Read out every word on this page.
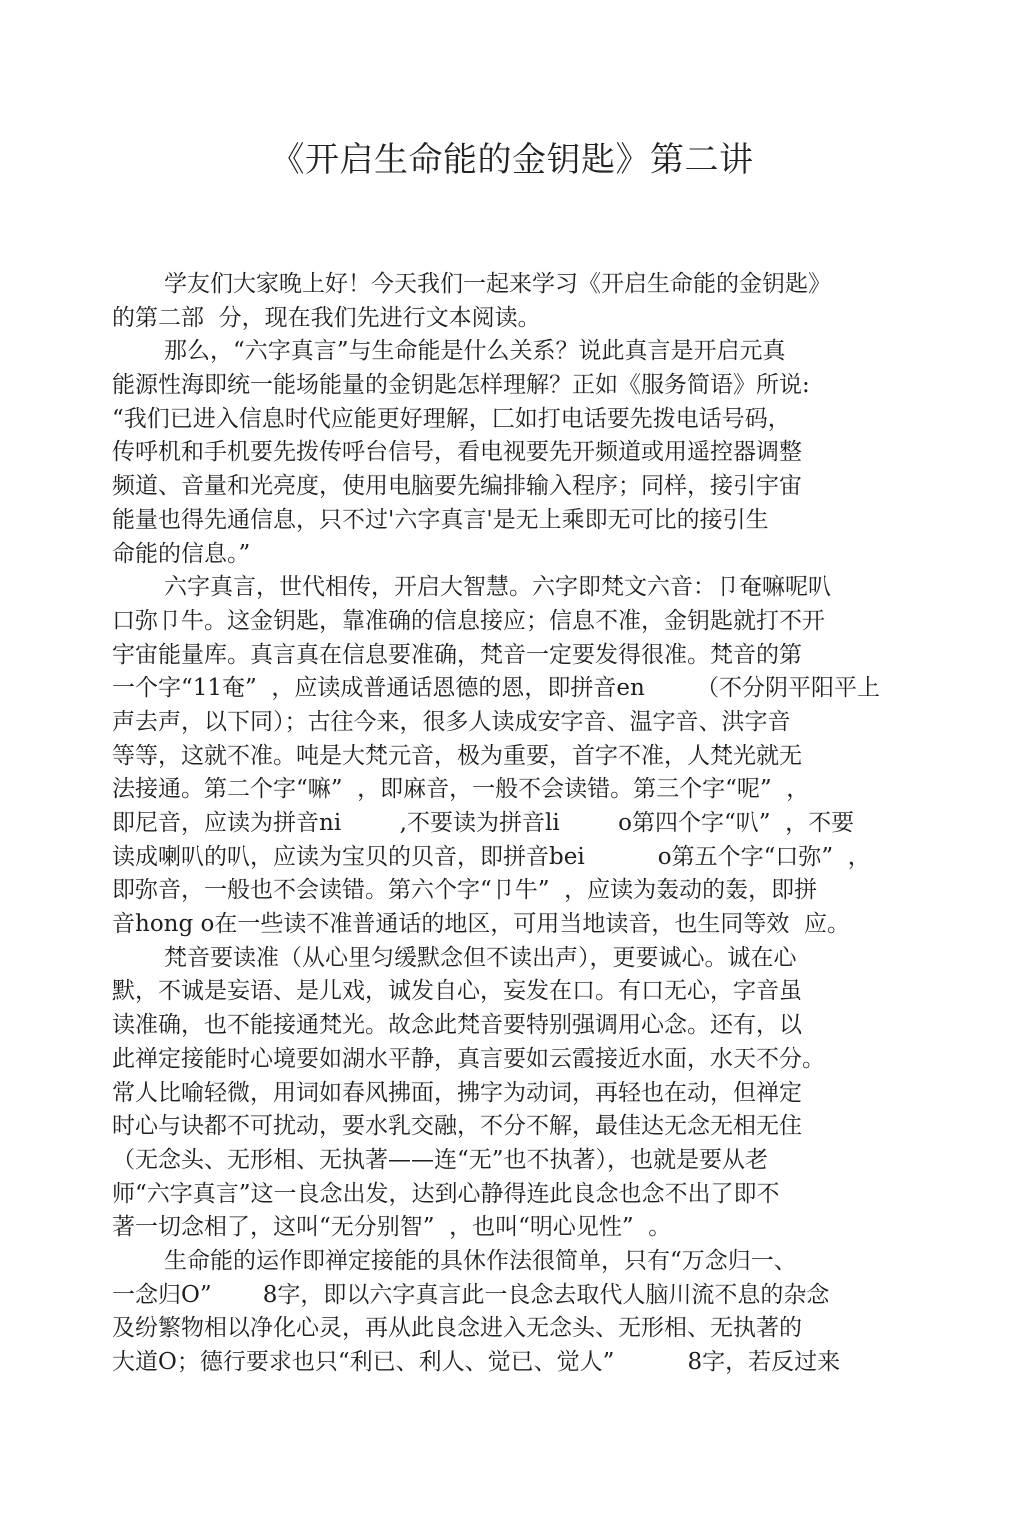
《开启生命能的金钥匙》第二讲
学友们大家晚上好！今天我们一起来学习《开启生命能的金钥匙》
的第二部  分，现在我们先进行文本阅读。
那么，“六字真言”与生命能是什么关系？说此真言是开启元真
能源性海即统一能场能量的金钥匙怎样理解？正如《服务简语》所说:
“我们已进入信息时代应能更好理解，匚如打电话要先拨电话号码，
传呼机和手机要先拨传呼台信号，看电视要先开频道或用遥控器调整
频道、音量和光亮度，使用电脑要先编排输入程序；同样，接引宇宙
能量也得先通信息，只不过'六字真言'是无上乘即无可比的接引生
命能的信息。”
六字真言，世代相传，开启大智慧。六字即梵文六音：卩奄嘛呢叭
口弥卩牛。这金钥匙，靠准确的信息接应；信息不准，金钥匙就打不开
宇宙能量库。真言真在信息要准确，梵音一定要发得很准。梵音的第
一个字“11奄”  ，应读成普通话恩德的恩，即拼音en       （不分阴平阳平上
声去声，以下同）；古往今来，很多人读成安字音、温字音、洪字音
等等，这就不准。吨是大梵元音，极为重要，首字不准，人梵光就无
法接通。第二个字“嘛”  ，即麻音，一般不会读错。第三个字“呢”  ，
即尼音，应读为拼音ni        ,不要读为拼音li        o第四个字“叭”  ，不要
读成喇叭的叭，应读为宝贝的贝音，即拼音bei          o第五个字“口弥”  ，
即弥音，一般也不会读错。第六个字“卩牛”  ，应读为轰动的轰，即拼
音hong o在一些读不准普通话的地区，可用当地读音，也生同等效  应。
梵音要读准（从心里匀缓默念但不读出声），更要诚心。诚在心
默，不诚是妄语、是儿戏，诚发自心，妄发在口。有口无心，字音虽
读准确，也不能接通梵光。故念此梵音要特别强调用心念。还有，以
此禅定接能时心境要如湖水平静，真言要如云霞接近水面，水天不分。
常人比喻轻微，用词如春风拂面，拂字为动词，再轻也在动，但禅定
时心与诀都不可扰动，要水乳交融，不分不解，最佳达无念无相无住
（无念头、无形相、无执著——连“无”也不执著），也就是要从老
师“六字真言”这一良念出发，达到心静得连此良念也念不出了即不
著一切念相了，这叫“无分别智”  ，也叫“明心见性”  。
生命能的运作即禅定接能的具休作法很简单，只有“万念归一、
一念归O”       8字，即以六字真言此一良念去取代人脑川流不息的杂念
及纷繁物相以净化心灵，再从此良念进入无念头、无形相、无执著的
大道O；德行要求也只“利已、利人、觉已、觉人”          8字，若反过来
